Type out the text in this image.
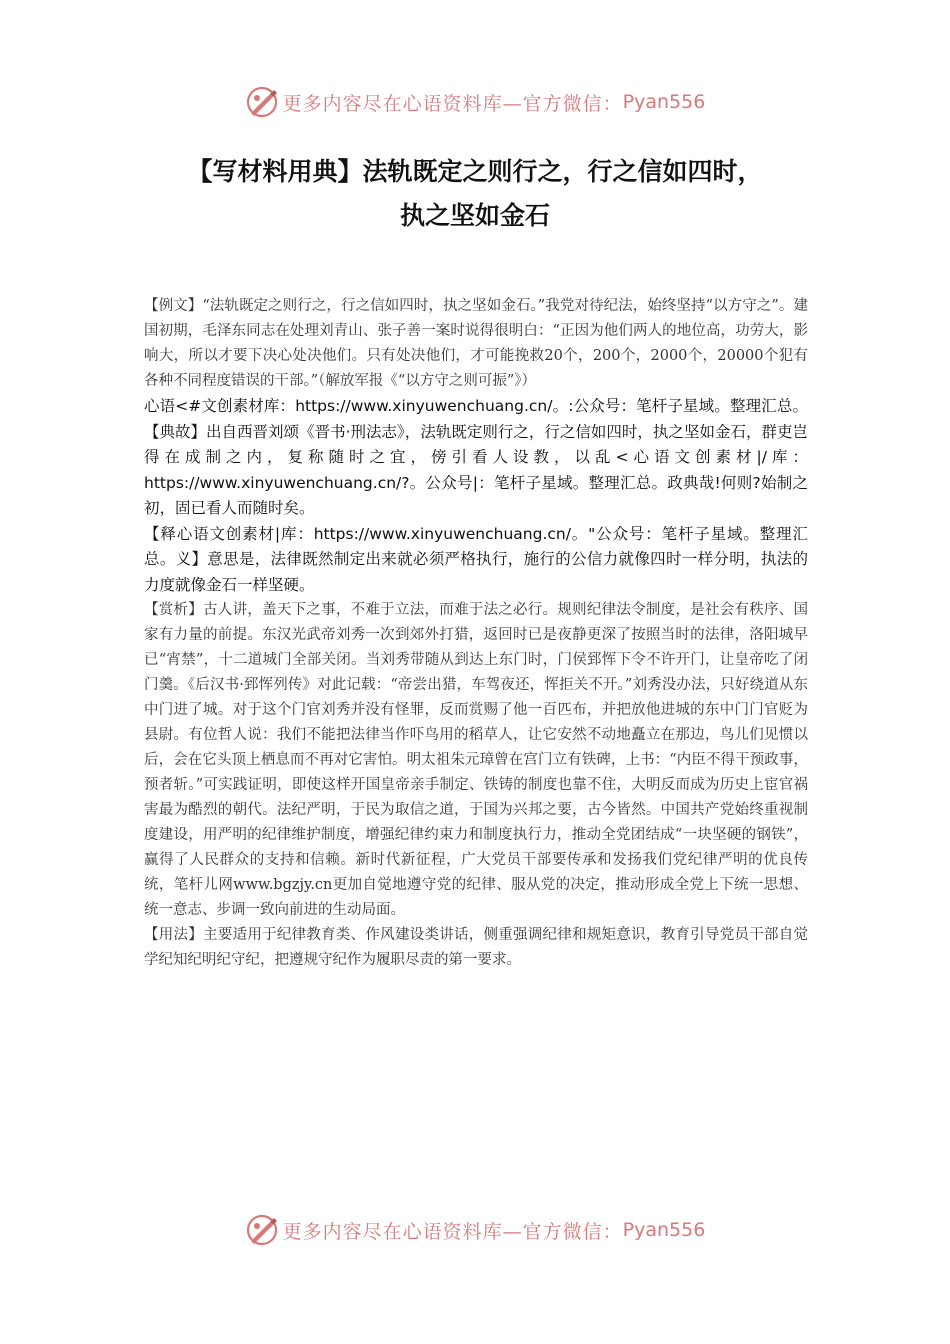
更多内容尽在心语资料库—官方微信： Pyan556
【写材料用典】法轨既定之则行之，行之信如四时，
执之坚如金石

【例文】“法轨既定之则行之，行之信如四时，执之坚如金石。”我党对待纪法，始终坚持“以方守之”。建国初期，毛泽东同志在处理刘青山、张子善一案时说得很明白：“正因为他们两人的地位高，功劳大，影响大，所以才要下决心处决他们。只有处决他们，才可能挽救20个，200个，2000个，20000个犯有各种不同程度错误的干部。”（解放军报《“以方守之则可振”》）

心语<#文创素材库：https://www.xinyuwenchuang.cn/。:公众号：笔杆子星域。整理汇总。【典故】出自西晋刘颂《晋书·刑法志》，法轨既定则行之，行之信如四时，执之坚如金石，群吏岂得在成制之内，复称随时之宜，傍引看人设教，以乱<心语文创素材|/库：https://www.xinyuwenchuang.cn/?。公众号|：笔杆子星域。整理汇总。政典哉!何则?始制之初，固已看人而随时矣。

【释心语文创素材|库：https://www.xinyuwenchuang.cn/。"公众号：笔杆子星域。整理汇总。义】意思是，法律既然制定出来就必须严格执行，施行的公信力就像四时一样分明，执法的力度就像金石一样坚硬。

【赏析】古人讲，盖天下之事，不难于立法，而难于法之必行。规则纪律法令制度，是社会有秩序、国家有力量的前提。东汉光武帝刘秀一次到郊外打猎，返回时已是夜静更深了按照当时的法律，洛阳城早已“宵禁”，十二道城门全部关闭。当刘秀带随从到达上东门时，门侯郅恽下令不许开门，让皇帝吃了闭门羹。《后汉书·郅恽列传》对此记载：“帝尝出猎，车驾夜还，恽拒关不开。”刘秀没办法，只好绕道从东中门进了城。对于这个门官刘秀并没有怪罪，反而赏赐了他一百匹布，并把放他进城的东中门门官贬为县尉。有位哲人说：我们不能把法律当作吓鸟用的稻草人，让它安然不动地矗立在那边，鸟儿们见惯以后，会在它头顶上栖息而不再对它害怕。明太祖朱元璋曾在宫门立有铁碑，上书：“内臣不得干预政事，预者斩。”可实践证明，即使这样开国皇帝亲手制定、铁铸的制度也靠不住，大明反而成为历史上宦官祸害最为酷烈的朝代。法纪严明，于民为取信之道，于国为兴邦之要，古今皆然。中国共产党始终重视制度建设，用严明的纪律维护制度，增强纪律约束力和制度执行力，推动全党团结成“一块坚硬的钢铁”，赢得了人民群众的支持和信赖。新时代新征程，广大党员干部要传承和发扬我们党纪律严明的优良传统，笔杆儿网www.bgzjy.cn更加自觉地遵守党的纪律、服从党的决定，推动形成全党上下统一思想、统一意志、步调一致向前进的生动局面。

【用法】主要适用于纪律教育类、作风建设类讲话，侧重强调纪律和规矩意识，教育引导党员干部自觉学纪知纪明纪守纪，把遵规守纪作为履职尽责的第一要求。

更多内容尽在心语资料库—官方微信： Pyan556
